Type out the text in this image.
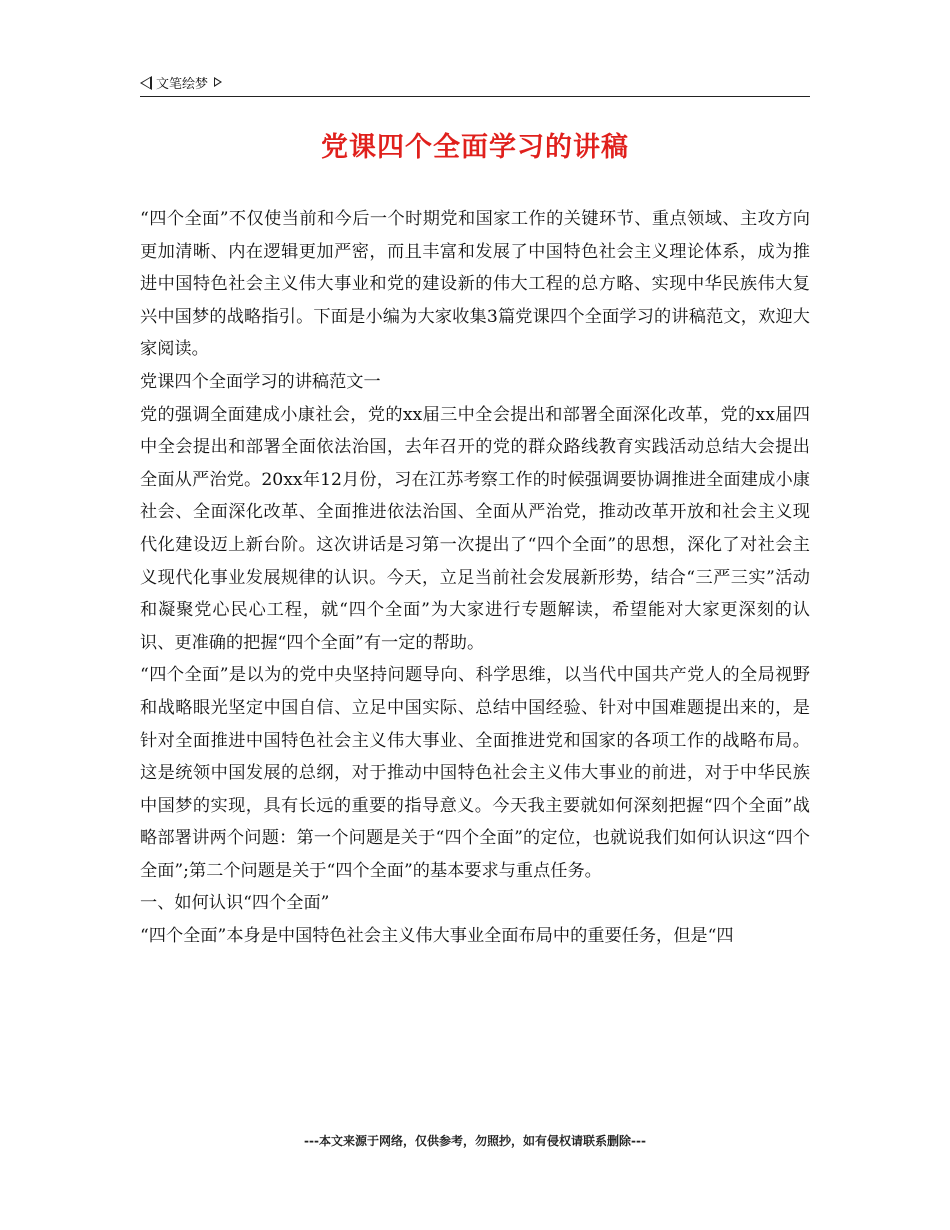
文笔绘梦
党课四个全面学习的讲稿

“四个全面”不仅使当前和今后一个时期党和国家工作的关键环节、重点领域、主攻方向更加清晰、内在逻辑更加严密，而且丰富和发展了中国特色社会主义理论体系，成为推进中国特色社会主义伟大事业和党的建设新的伟大工程的总方略、实现中华民族伟大复兴中国梦的战略指引。下面是小编为大家收集3篇党课四个全面学习的讲稿范文，欢迎大家阅读。

党课四个全面学习的讲稿范文一

党的强调全面建成小康社会，党的xx届三中全会提出和部署全面深化改革，党的xx届四中全会提出和部署全面依法治国，去年召开的党的群众路线教育实践活动总结大会提出全面从严治党。20xx年12月份，习在江苏考察工作的时候强调要协调推进全面建成小康社会、全面深化改革、全面推进依法治国、全面从严治党，推动改革开放和社会主义现代化建设迈上新台阶。这次讲话是习第一次提出了“四个全面”的思想，深化了对社会主义现代化事业发展规律的认识。今天，立足当前社会发展新形势，结合“三严三实”活动和凝聚党心民心工程，就“四个全面”为大家进行专题解读，希望能对大家更深刻的认识、更准确的把握“四个全面”有一定的帮助。

“四个全面”是以为的党中央坚持问题导向、科学思维，以当代中国共产党人的全局视野和战略眼光坚定中国自信、立足中国实际、总结中国经验、针对中国难题提出来的，是针对全面推进中国特色社会主义伟大事业、全面推进党和国家的各项工作的战略布局。这是统领中国发展的总纲，对于推动中国特色社会主义伟大事业的前进，对于中华民族中国梦的实现，具有长远的重要的指导意义。今天我主要就如何深刻把握“四个全面”战略部署讲两个问题：第一个问题是关于“四个全面”的定位，也就说我们如何认识这“四个全面”;第二个问题是关于“四个全面”的基本要求与重点任务。

一、如何认识“四个全面”

“四个全面”本身是中国特色社会主义伟大事业全面布局中的重要任务，但是“四

---本文来源于网络，仅供参考，勿照抄，如有侵权请联系删除---
